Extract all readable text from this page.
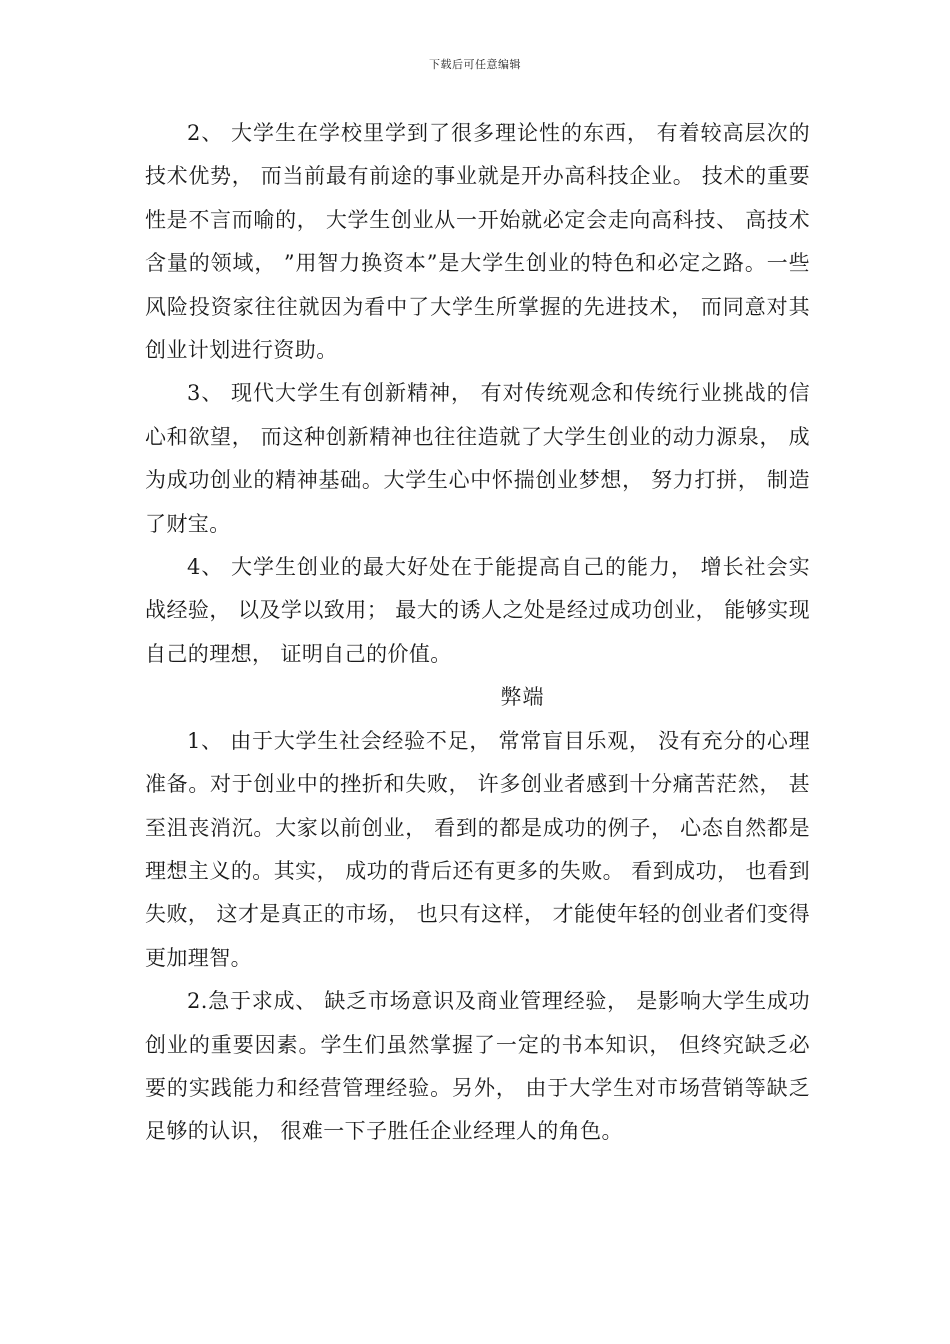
下载后可任意编辑

2、 大学生在学校里学到了很多理论性的东西， 有着较高层次的技术优势， 而当前最有前途的事业就是开办高科技企业。 技术的重要性是不言而喻的， 大学生创业从一开始就必定会走向高科技、 高技术含量的领域， ”用智力换资本”是大学生创业的特色和必定之路。一些风险投资家往往就因为看中了大学生所掌握的先进技术， 而同意对其创业计划进行资助。

3、 现代大学生有创新精神， 有对传统观念和传统行业挑战的信心和欲望， 而这种创新精神也往往造就了大学生创业的动力源泉， 成为成功创业的精神基础。大学生心中怀揣创业梦想， 努力打拼， 制造了财宝。

4、 大学生创业的最大好处在于能提高自己的能力， 增长社会实战经验， 以及学以致用； 最大的诱人之处是经过成功创业， 能够实现自己的理想， 证明自己的价值。

弊端

1、 由于大学生社会经验不足， 常常盲目乐观， 没有充分的心理准备。对于创业中的挫折和失败， 许多创业者感到十分痛苦茫然， 甚至沮丧消沉。大家以前创业， 看到的都是成功的例子， 心态自然都是理想主义的。其实， 成功的背后还有更多的失败。 看到成功， 也看到失败， 这才是真正的市场， 也只有这样， 才能使年轻的创业者们变得更加理智。

2.急于求成、 缺乏市场意识及商业管理经验， 是影响大学生成功创业的重要因素。学生们虽然掌握了一定的书本知识， 但终究缺乏必要的实践能力和经营管理经验。另外， 由于大学生对市场营销等缺乏足够的认识， 很难一下子胜任企业经理人的角色。
